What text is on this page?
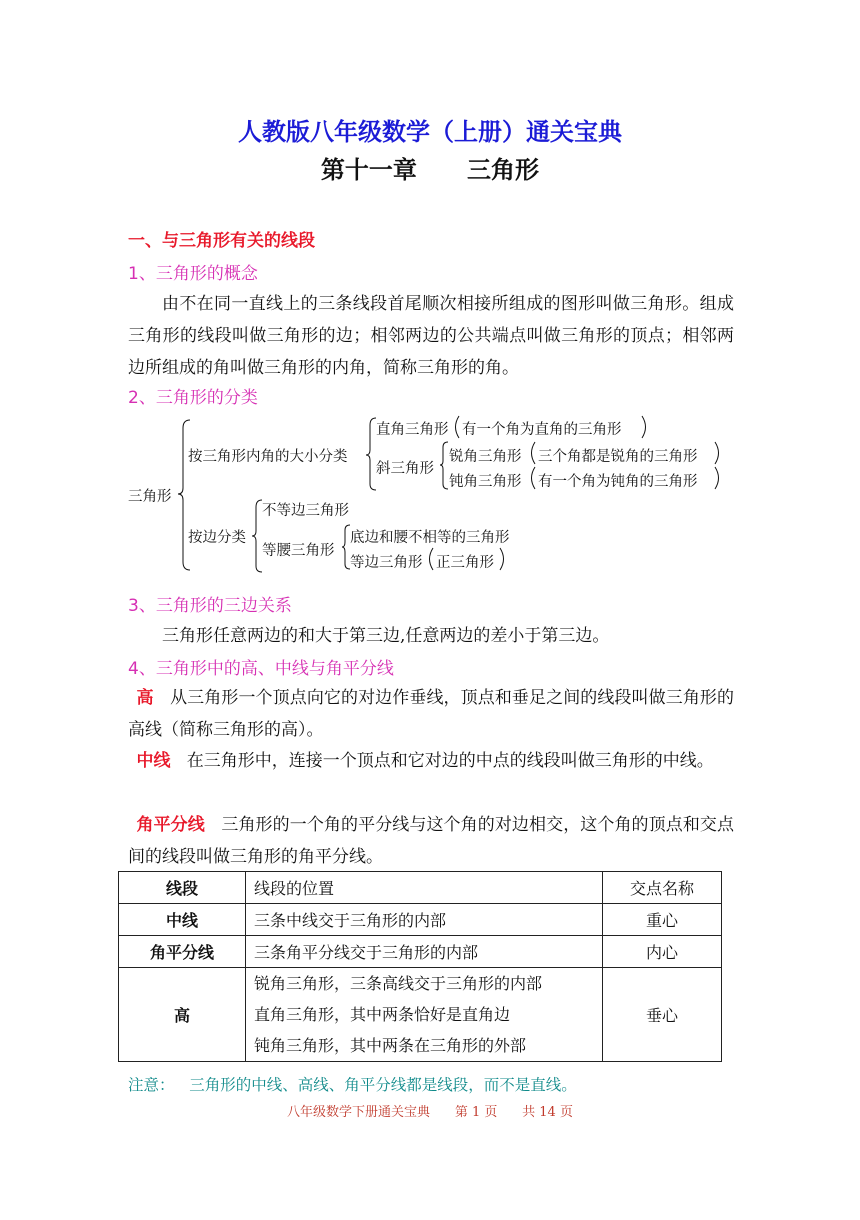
人教版八年级数学（上册）通关宝典
第十一章      三角形
一、与三角形有关的线段
1、三角形的概念
由不在同一直线上的三条线段首尾顺次相接所组成的图形叫做三角形。组成三角形的线段叫做三角形的边；相邻两边的公共端点叫做三角形的顶点；相邻两边所组成的角叫做三角形的内角，简称三角形的角。
2、三角形的分类
三角形
按三角形内角的大小分类
直角三角形 有一个角为直角的三角形
斜三角形
锐角三角形 三个角都是锐角的三角形
钝角三角形 有一个角为钝角的三角形
按边分类
不等边三角形
等腰三角形
底边和腰不相等的三角形
等边三角形 正三角形
3、三角形的三边关系
三角形任意两边的和大于第三边,任意两边的差小于第三边。
4、三角形中的高、中线与角平分线
高 从三角形一个顶点向它的对边作垂线，顶点和垂足之间的线段叫做三角形的高线（简称三角形的高）。
中线 在三角形中，连接一个顶点和它对边的中点的线段叫做三角形的中线。
角平分线 三角形的一个角的平分线与这个角的对边相交，这个角的顶点和交点间的线段叫做三角形的角平分线。
线段	线段的位置	交点名称
中线	三条中线交于三角形的内部	重心
角平分线	三条角平分线交于三角形的内部	内心
高	锐角三角形，三条高线交于三角形的内部
直角三角形，其中两条恰好是直角边
钝角三角形，其中两条在三角形的外部	垂心
注意： 三角形的中线、高线、角平分线都是线段，而不是直线。
八年级数学下册通关宝典      第 1 页      共 14 页
